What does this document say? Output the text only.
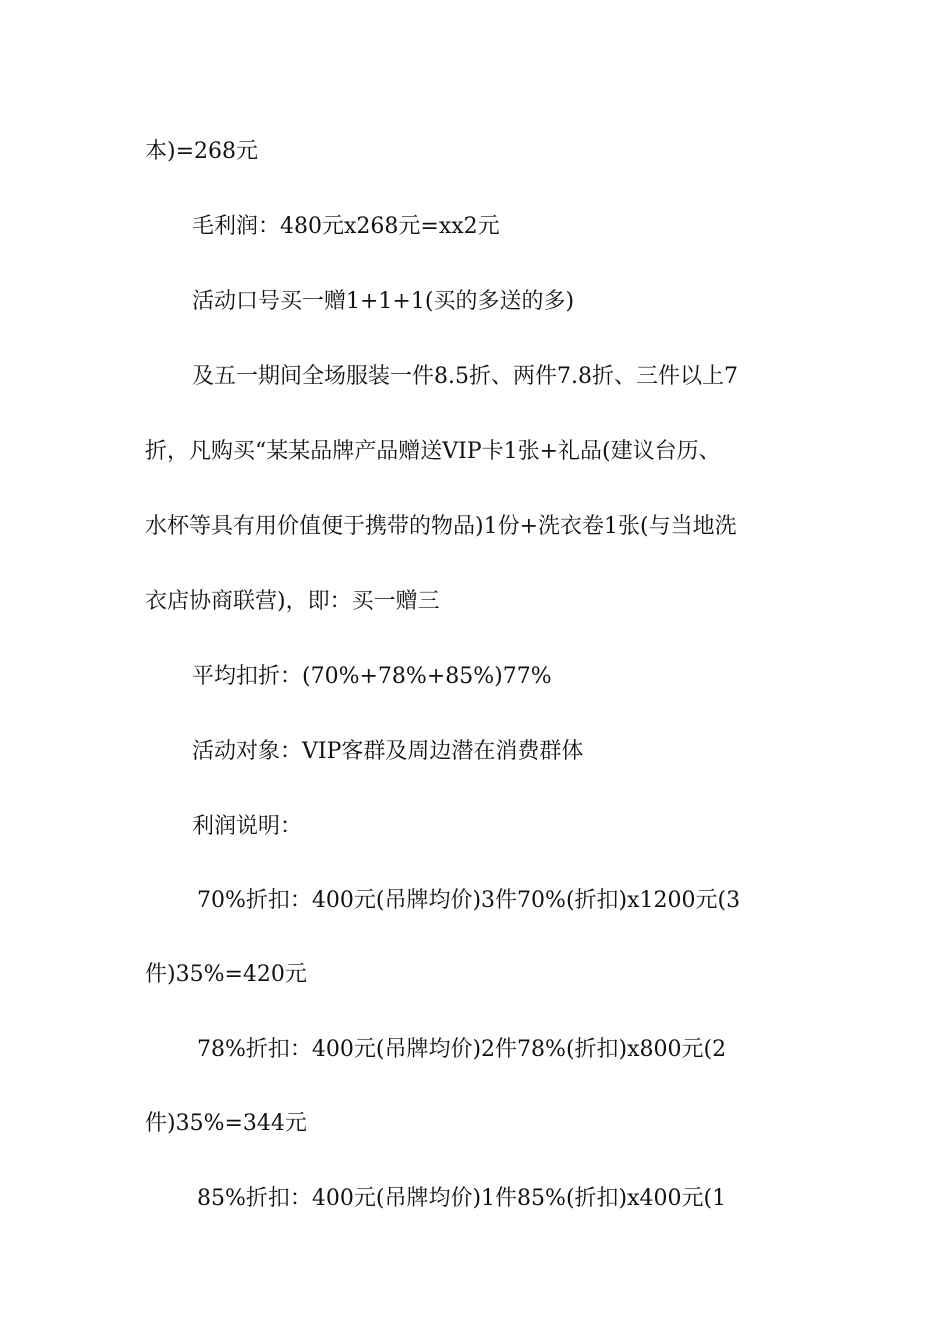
本)=268元
毛利润：480元x268元=xx2元
活动口号买一赠1+1+1(买的多送的多)
及五一期间全场服装一件8.5折、两件7.8折、三件以上7
折，凡购买“某某品牌产品赠送VIP卡1张+礼品(建议台历、
水杯等具有用价值便于携带的物品)1份+洗衣卷1张(与当地洗
衣店协商联营)，即：买一赠三
平均扣折：(70%+78%+85%)77%
活动对象：VIP客群及周边潜在消费群体
利润说明：
70%折扣：400元(吊牌均价)3件70%(折扣)x1200元(3
件)35%=420元
78%折扣：400元(吊牌均价)2件78%(折扣)x800元(2
件)35%=344元
85%折扣：400元(吊牌均价)1件85%(折扣)x400元(1
